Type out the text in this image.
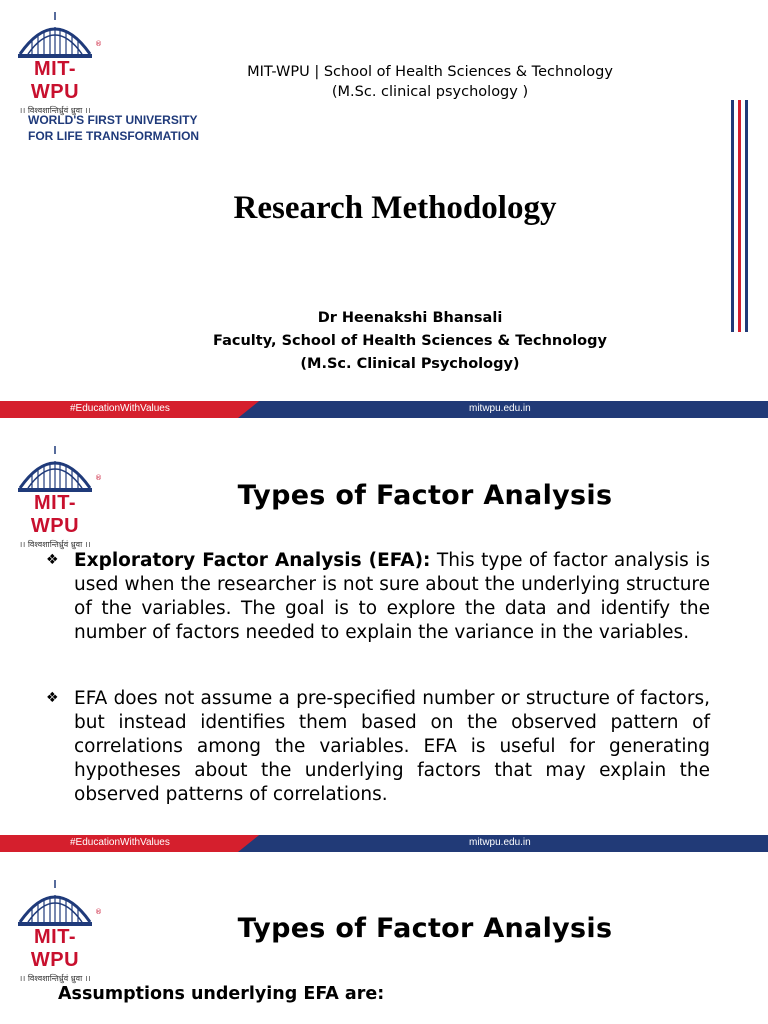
®
MIT-WPU
।। विश्वशान्तिर्ध्रुवं ध्रुवा ।।
WORLD'S FIRST UNIVERSITY
FOR LIFE TRANSFORMATION
MIT-WPU | School of Health Sciences & Technology
(M.Sc. clinical psychology )
Research Methodology
Dr Heenakshi Bhansali
Faculty, School of Health Sciences & Technology
(M.Sc. Clinical Psychology)
#EducationWithValues	mitwpu.edu.in
®
MIT-WPU
।। विश्वशान्तिर्ध्रुवं ध्रुवा ।।
Types of Factor Analysis

❖ Exploratory Factor Analysis (EFA): This type of factor analysis is used when the researcher is not sure about the underlying structure of the variables. The goal is to explore the data and identify the number of factors needed to explain the variance in the variables.

❖ EFA does not assume a pre-specified number or structure of factors, but instead identifies them based on the observed pattern of correlations among the variables. EFA is useful for generating hypotheses about the underlying factors that may explain the observed patterns of correlations.

#EducationWithValues	mitwpu.edu.in
®
MIT-WPU
।। विश्वशान्तिर्ध्रुवं ध्रुवा ।।
Types of Factor Analysis
Assumptions underlying EFA are:
